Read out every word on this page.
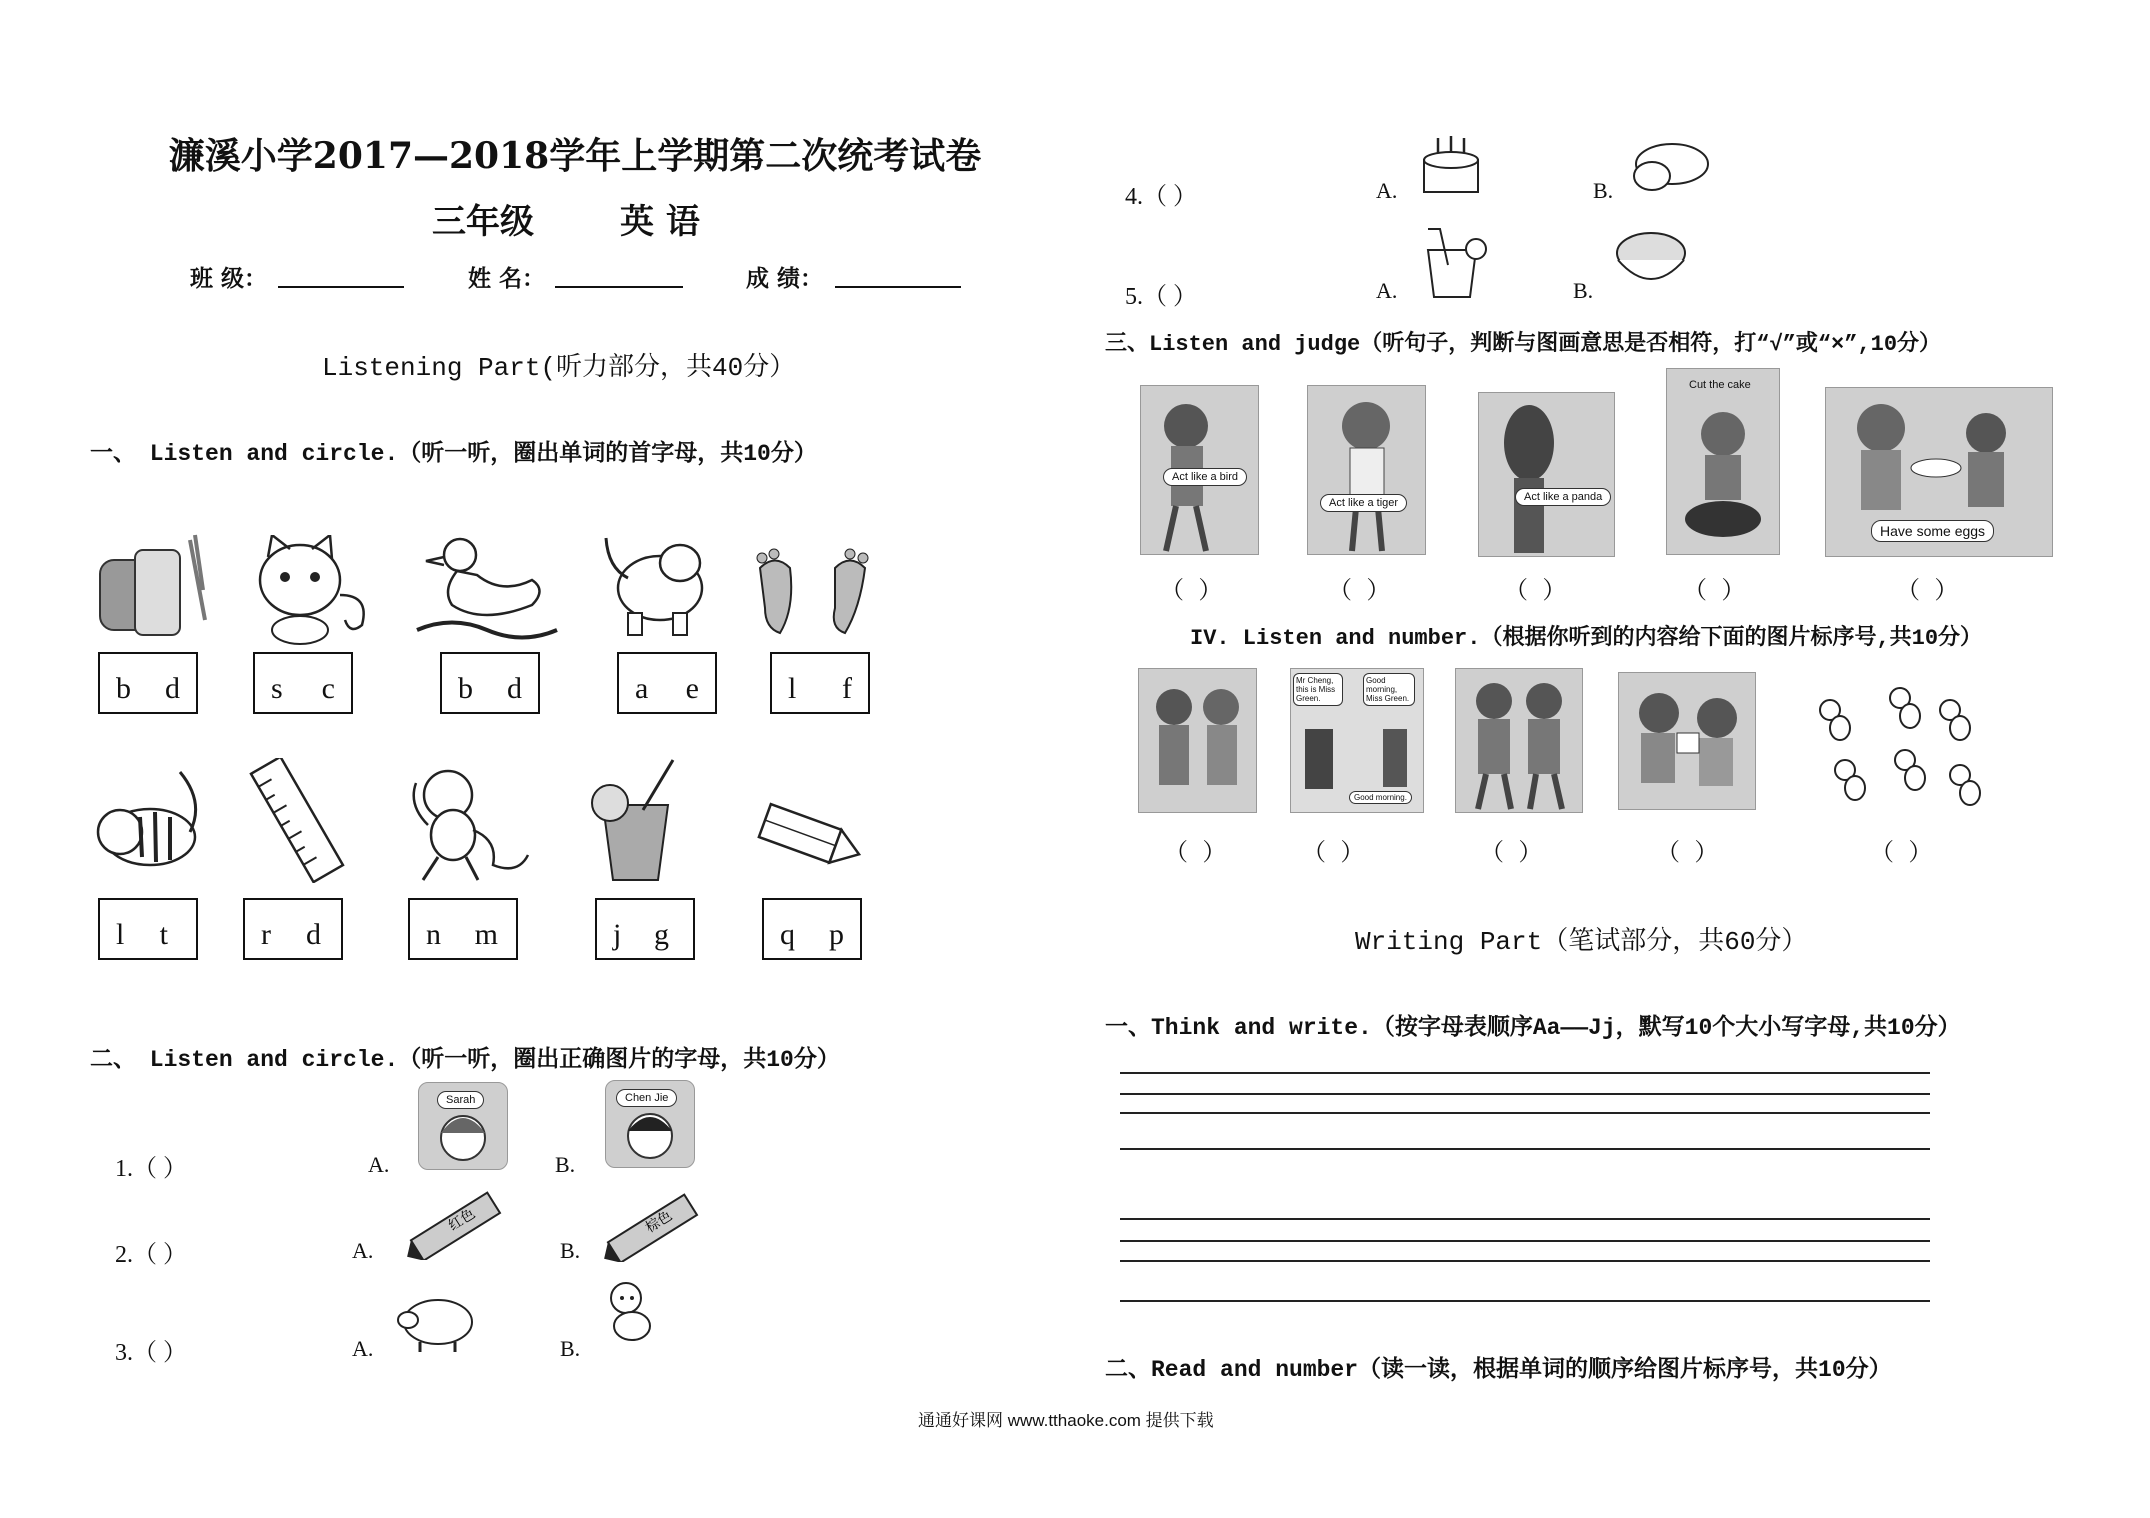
濂溪小学2017—2018学年上学期第二次统考试卷
三年级	英 语
班 级：	姓 名：	成 绩：
Listening Part(听力部分，共40分）
一、 Listen and circle.（听一听，圈出单词的首字母，共10分）
b d	s c	b d	a e	l f
l t	r d	n m	j g	q p
二、 Listen and circle.（听一听，圈出正确图片的字母，共10分）
1.（ ）	A.
Sarah
B.
Chen Jie
2.（ ）	A.
红色
B.
棕色
3.（ ）	A.	B.
4.（ ）	A.	B.
5.（ ）	A.	B.
三、Listen and judge（听句子，判断与图画意思是否相符，打“√”或“×”,10分）
Act like a bird
Act like a tiger	Act like a panda
Cut the cake
Have some eggs
（ ）	（ ）	（ ）	（ ）	（ ）
IV. Listen and number.（根据你听到的内容给下面的图片标序号,共10分）
Mr Cheng, this is Miss Green.
Good morning, Miss Green.
Good morning.
（ ）	（ ）	（ ）	（ ）	（ ）
Writing Part（笔试部分，共60分）
一、Think and write.（按字母表顺序Aa——Jj，默写10个大小写字母,共10分）
二、Read and number（读一读，根据单词的顺序给图片标序号，共10分）
通通好课网 www.tthaoke.com 提供下载
